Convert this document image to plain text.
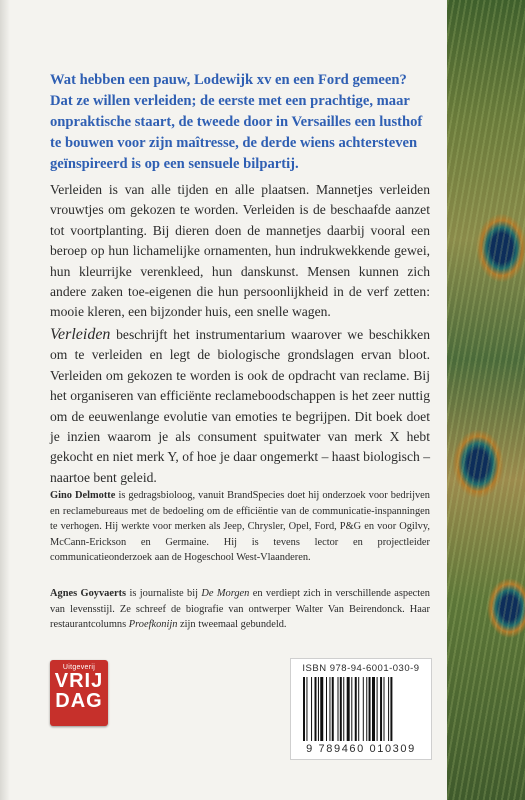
Wat hebben een pauw, Lodewijk xv en een Ford gemeen? Dat ze willen verleiden; de eerste met een prachtige, maar onpraktische staart, de tweede door in Versailles een lusthof te bouwen voor zijn maîtresse, de derde wiens achtersteven geïnspireerd is op een sensuele bilpartij.

Verleiden is van alle tijden en alle plaatsen. Mannetjes verleiden vrouwtjes om gekozen te worden. Verleiden is de beschaafde aanzet tot voortplanting. Bij dieren doen de mannetjes daarbij vooral een beroep op hun lichamelijke ornamenten, hun indrukwekkende gewei, hun kleurrijke verenkleed, hun danskunst. Mensen kunnen zich andere zaken toe-eigenen die hun persoonlijkheid in de verf zetten: mooie kleren, een bijzonder huis, een snelle wagen.

Verleiden beschrijft het instrumentarium waarover we beschikken om te verleiden en legt de biologische grondslagen ervan bloot. Verleiden om gekozen te worden is ook de opdracht van reclame. Bij het organiseren van efficiënte reclameboodschappen is het zeer nuttig om de eeuwenlange evolutie van emoties te begrijpen. Dit boek doet je inzien waarom je als consument spuitwater van merk X hebt gekocht en niet merk Y, of hoe je daar ongemerkt – haast biologisch – naartoe bent geleid.

Gino Delmotte is gedragsbioloog, vanuit BrandSpecies doet hij onderzoek voor bedrijven en reclamebureaus met de bedoeling om de efficiëntie van de communicatie-inspanningen te verhogen. Hij werkte voor merken als Jeep, Chrysler, Opel, Ford, P&G en voor Ogilvy, McCann-Erickson en Germaine. Hij is tevens lector en projectleider communicatieonderzoek aan de Hogeschool West-Vlaanderen.

Agnes Goyvaerts is journaliste bij De Morgen en verdiept zich in verschillende aspecten van levensstijl. Ze schreef de biografie van ontwerper Walter Van Beirendonck. Haar restaurantcolumns Proefkonijn zijn tweemaal gebundeld.

Uitgeverij
VRIJ
DAG
ISBN 978-94-6001-030-9
9 789460 010309
